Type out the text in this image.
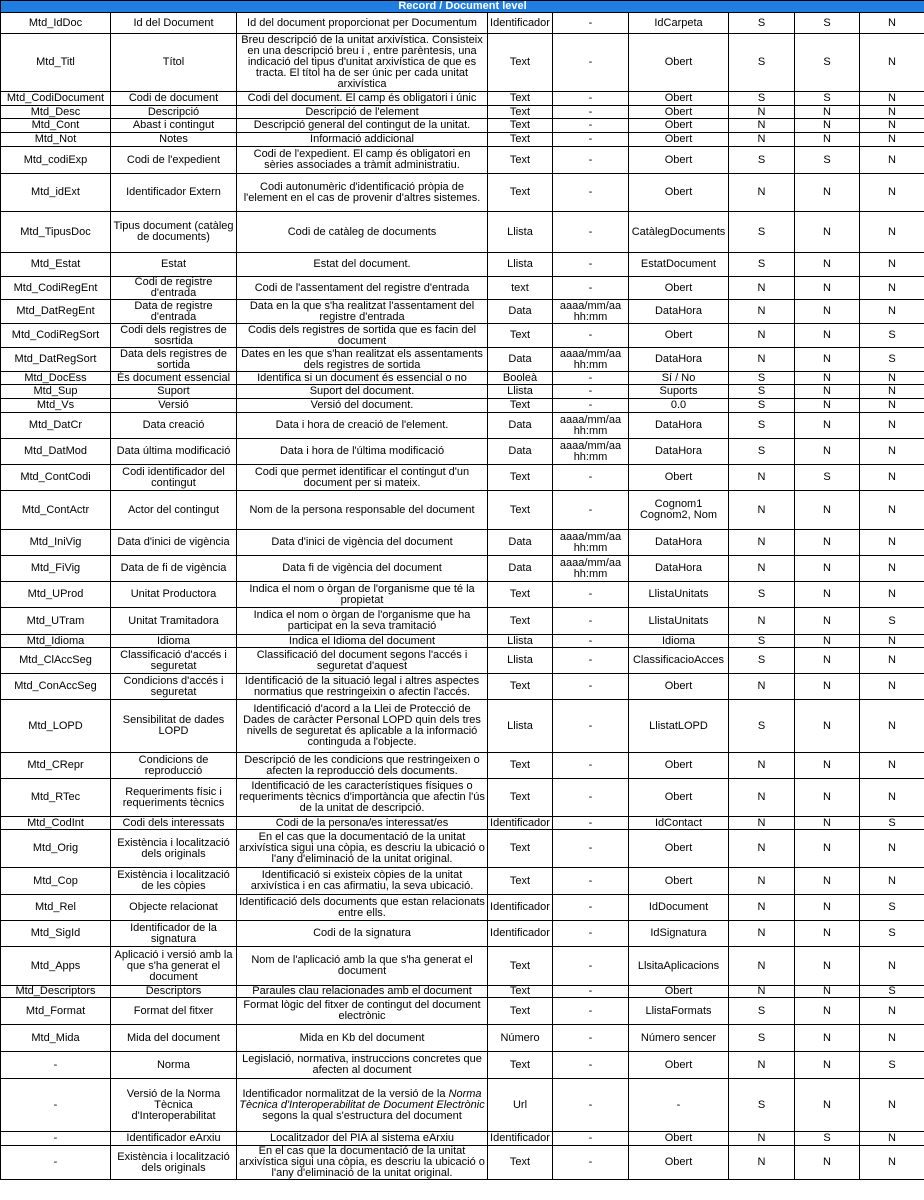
Record / Document level								
Mtd_IdDoc	Id del Document	Id del document proporcionat per Documentum	Identificador	-	IdCarpeta	S	S	N
Mtd_Titl	Títol	Breu descripció de la unitat arxivística. Consisteix en una descripció breu i , entre parèntesis, una indicació del tipus d'unitat arxivística de que es tracta. El títol ha de ser únic per cada unitat arxivística	Text	-	Obert	S	S	N
Mtd_CodiDocument	Codi de document	Codi del document. El camp és obligatori i únic	Text	-	Obert	S	S	N
Mtd_Desc	Descripció	Descripció de l'element	Text	-	Obert	N	N	N
Mtd_Cont	Abast i contingut	Descripció general del contingut de la unitat.	Text	-	Obert	N	N	N
Mtd_Not	Notes	Informació addicional	Text	-	Obert	N	N	N
Mtd_codiExp	Codi de l'expedient	Codi de l'expedient. El camp és obligatori en sèries associades a tràmit administratiu.	Text	-	Obert	S	S	N
Mtd_idExt	Identificador Extern	Codi autonumèric d'identificació pròpia de l'element en el cas de provenir d'altres sistemes.	Text	-	Obert	N	N	N
Mtd_TipusDoc	Tipus document (catàleg de documents)	Codi de catàleg de documents	Llista	-	CatàlegDocuments	S	N	N
Mtd_Estat	Estat	Estat del document.	Llista	-	EstatDocument	S	N	N
Mtd_CodiRegEnt	Codi de registre d'entrada	Codi de l'assentament del registre d'entrada	text	-	Obert	N	N	N
Mtd_DatRegEnt	Data de registre d'entrada	Data en la que s'ha realitzat l'assentament del registre d'entrada	Data	aaaa/mm/aa hh:mm	DataHora	N	N	N
Mtd_CodiRegSort	Codi dels registres de sosrtida	Codis dels registres de sortida que es facin del document	Text	-	Obert	N	N	S
Mtd_DatRegSort	Data dels registres de sortida	Dates en les que s'han realitzat els assentaments dels registres de sortida	Data	aaaa/mm/aa hh:mm	DataHora	N	N	S
Mtd_DocEss	És document essencial	Identifica si un document és essencial o no	Booleà	-	Sí / No	S	N	N
Mtd_Sup	Suport	Suport del document.	Llista	-	Suports	S	N	N
Mtd_Vs	Versió	Versió del document.	Text	-	0.0	S	N	N
Mtd_DatCr	Data creació	Data i hora de creació de l'element.	Data	aaaa/mm/aa hh:mm	DataHora	S	N	N
Mtd_DatMod	Data última modificació	Data i hora de l'última modificació	Data	aaaa/mm/aa hh:mm	DataHora	S	N	N
Mtd_ContCodi	Codi identificador del contingut	Codi que permet identificar el contingut d'un document per si mateix.	Text	-	Obert	N	S	N
Mtd_ContActr	Actor del contingut	Nom de la persona responsable del document	Text	-	Cognom1 Cognom2, Nom	N	N	N
Mtd_IniVig	Data d'inici de vigència	Data d'inici de vigència del document	Data	aaaa/mm/aa hh:mm	DataHora	N	N	N
Mtd_FiVig	Data de fi de vigència	Data fi de vigència del document	Data	aaaa/mm/aa hh:mm	DataHora	N	N	N
Mtd_UProd	Unitat Productora	Indica el nom o òrgan de l'organisme que té la propietat	Text	-	LlistaUnitats	S	N	N
Mtd_UTram	Unitat Tramitadora	Indica el nom o òrgan de l'organisme que ha participat en la seva tramitació	Text	-	LlistaUnitats	N	N	S
Mtd_Idioma	Idioma	Indica el Idioma del document	Llista	-	Idioma	S	N	N
Mtd_ClAccSeg	Classificació d'accés i seguretat	Classificació del document segons l'accés i seguretat d'aquest	Llista	-	ClassificacioAcces	S	N	N
Mtd_ConAccSeg	Condicions d'accés i seguretat	Identificació de la situació legal i altres aspectes normatius que restringeixin o afectin l'accés.	Text	-	Obert	N	N	N
Mtd_LOPD	Sensibilitat de dades LOPD	Identificació d'acord a la Llei de Protecció de Dades de caràcter Personal LOPD quin dels tres nivells de seguretat és aplicable a la informació continguda a l'objecte.	Llista	-	LlistatLOPD	S	N	N
Mtd_CRepr	Condicions de reproducció	Descripció de les condicions que restringeixen o afecten la reproducció dels documents.	Text	-	Obert	N	N	N
Mtd_RTec	Requeriments físic i requeriments tècnics	Identificació de les característiques físiques o requeriments tècnics d'importància que afectin l'ús de la unitat de descripció.	Text	-	Obert	N	N	N
Mtd_CodInt	Codi dels interessats	Codi de la persona/es interessat/es	Identificador	-	IdContact	N	N	S
Mtd_Orig	Existència i localització dels originals	En el cas que la documentació de la unitat arxivística sigui una còpia, es descriu la ubicació o l'any d'eliminació de la unitat original.	Text	-	Obert	N	N	N
Mtd_Cop	Existència i localització de les còpies	Identificació si existeix còpies de la unitat arxivística i en cas afirmatiu, la seva ubicació.	Text	-	Obert	N	N	N
Mtd_Rel	Objecte relacionat	Identificació dels documents que estan relacionats entre ells.	Identificador	-	IdDocument	N	N	S
Mtd_SigId	Identificador de la signatura	Codi de la signatura	Identificador	-	IdSignatura	N	N	S
Mtd_Apps	Aplicació i versió amb la que s'ha generat el document	Nom de l'aplicació amb la que s'ha generat el document	Text	-	LlsitaAplicacions	N	N	N
Mtd_Descriptors	Descriptors	Paraules clau relacionades amb el document	Text	-	Obert	N	N	S
Mtd_Format	Format del fitxer	Format lògic del fitxer de contingut del document electrònic	Text	-	LlistaFormats	S	N	N
Mtd_Mida	Mida del document	Mida en Kb del document	Número	-	Número sencer	S	N	N
-	Norma	Legislació, normativa, instruccions concretes que afecten al document	Text	-	Obert	N	N	S
-	Versió de la Norma Tècnica d'Interoperabilitat	Identificador normalitzat de la versió de la Norma Tècnica d'Interoperabilitat de Document Electrònic segons la qual s'estructura del document	Url	-	-	S	N	N
-	Identificador eArxiu	Localitzador del PIA al sistema eArxiu	Identificador	-	Obert	N	S	N
-	Existència i localització dels originals	En el cas que la documentació de la unitat arxivística sigui una còpia, es descriu la ubicació o l'any d'eliminació de la unitat original.	Text	-	Obert	N	N	N
